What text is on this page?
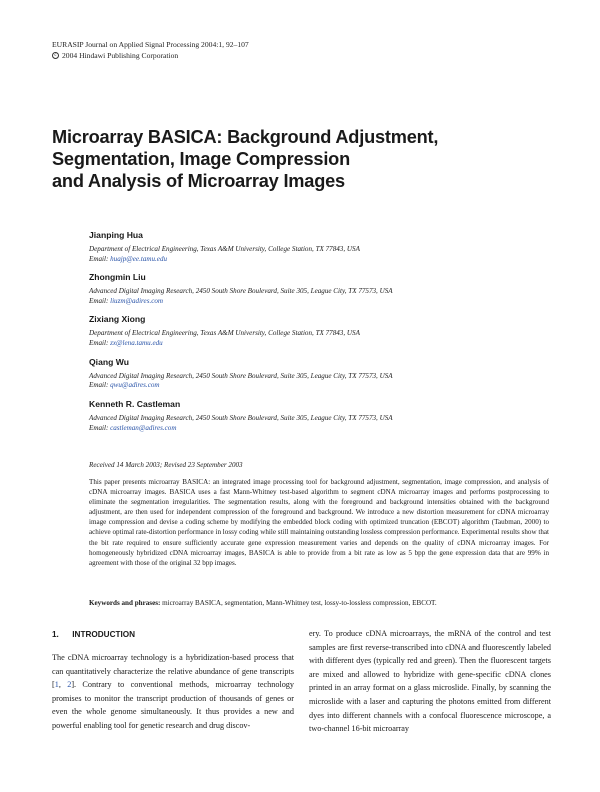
EURASIP Journal on Applied Signal Processing 2004:1, 92–107
c 2004 Hindawi Publishing Corporation
Microarray BASICA: Background Adjustment,
Segmentation, Image Compression
and Analysis of Microarray Images
Jianping Hua
Department of Electrical Engineering, Texas A&M University, College Station, TX 77843, USA
Email: huajp@ee.tamu.edu
Zhongmin Liu
Advanced Digital Imaging Research, 2450 South Shore Boulevard, Suite 305, League City, TX 77573, USA
Email: liuzm@adires.com
Zixiang Xiong
Department of Electrical Engineering, Texas A&M University, College Station, TX 77843, USA
Email: zx@lena.tamu.edu
Qiang Wu
Advanced Digital Imaging Research, 2450 South Shore Boulevard, Suite 305, League City, TX 77573, USA
Email: qwu@adires.com
Kenneth R. Castleman
Advanced Digital Imaging Research, 2450 South Shore Boulevard, Suite 305, League City, TX 77573, USA
Email: castleman@adires.com
Received 14 March 2003; Revised 23 September 2003

This paper presents microarray BASICA: an integrated image processing tool for background adjustment, segmentation, image compression, and analysis of cDNA microarray images. BASICA uses a fast Mann-Whitney test-based algorithm to segment cDNA microarray images and performs postprocessing to eliminate the segmentation irregularities. The segmentation results, along with the foreground and background intensities obtained with the background adjustment, are then used for independent compression of the foreground and background. We introduce a new distortion measurement for cDNA microarray image compression and devise a coding scheme by modifying the embedded block coding with optimized truncation (EBCOT) algorithm (Taubman, 2000) to achieve optimal rate-distortion performance in lossy coding while still maintaining outstanding lossless compression performance. Experimental results show that the bit rate required to ensure sufficiently accurate gene expression measurement varies and depends on the quality of cDNA microarray images. For homogeneously hybridized cDNA microarray images, BASICA is able to provide from a bit rate as low as 5 bpp the gene expression data that are 99% in agreement with those of the original 32 bpp images.

Keywords and phrases: microarray BASICA, segmentation, Mann-Whitney test, lossy-to-lossless compression, EBCOT.
1. INTRODUCTION

The cDNA microarray technology is a hybridization-based process that can quantitatively characterize the relative abundance of gene transcripts [1, 2]. Contrary to conventional methods, microarray technology promises to monitor the transcript production of thousands of genes or even the whole genome simultaneously. It thus provides a new and powerful enabling tool for genetic research and drug discov-

ery. To produce cDNA microarrays, the mRNA of the control and test samples are first reverse-transcribed into cDNA and fluorescently labeled with different dyes (typically red and green). Then the fluorescent targets are mixed and allowed to hybridize with gene-specific cDNA clones printed in an array format on a glass microslide. Finally, by scanning the microslide with a laser and capturing the photons emitted from different dyes into different channels with a confocal fluorescence microscope, a two-channel 16-bit microarray
